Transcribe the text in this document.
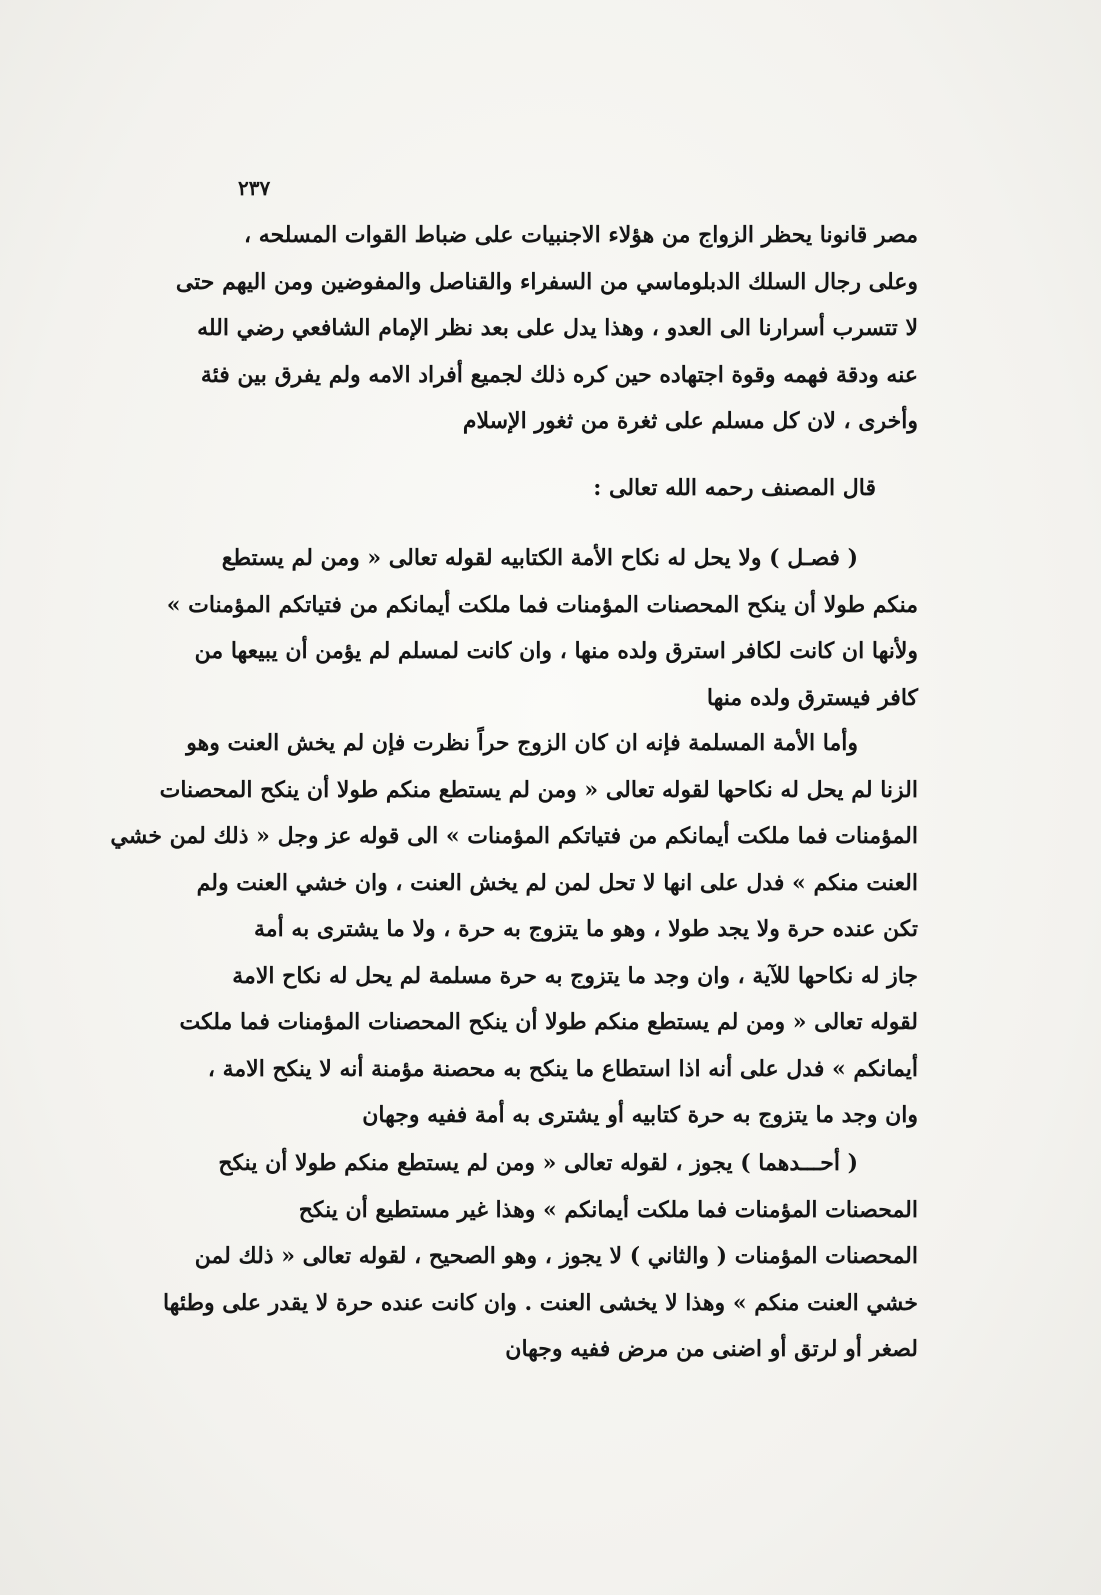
٢٣٧
مصر قانونا يحظر الزواج من هؤلاء الاجنبيات على ضباط القوات المسلحه ،
وعلى رجال السلك الدبلوماسي من السفراء والقناصل والمفوضين ومن اليهم حتى
لا تتسرب أسرارنا الى العدو ، وهذا يدل على بعد نظر الإمام الشافعي رضي الله
عنه ودقة فهمه وقوة اجتهاده حين كره ذلك لجميع أفراد الامه ولم يفرق بين فئة
وأخرى ، لان كل مسلم على ثغرة من ثغور الإسلام
قال المصنف رحمه الله تعالى :
( فصـل ) ولا يحل له نكاح الأمة الكتابيه لقوله تعالى « ومن لم يستطع
منكم طولا أن ينكح المحصنات المؤمنات فما ملكت أيمانكم من فتياتكم المؤمنات »
ولأنها ان كانت لكافر استرق ولده منها ، وان كانت لمسلم لم يؤمن أن يبيعها من
كافر فيسترق ولده منها
وأما الأمة المسلمة فإنه ان كان الزوج حراً نظرت فإن لم يخش العنت وهو
الزنا لم يحل له نكاحها لقوله تعالى « ومن لم يستطع منكم طولا أن ينكح المحصنات
المؤمنات فما ملكت أيمانكم من فتياتكم المؤمنات » الى قوله عز وجل « ذلك لمن خشي
العنت منكم » فدل على انها لا تحل لمن لم يخش العنت ، وان خشي العنت ولم
تكن عنده حرة ولا يجد طولا ، وهو ما يتزوج به حرة ، ولا ما يشترى به أمة
جاز له نكاحها للآية ، وان وجد ما يتزوج به حرة مسلمة لم يحل له نكاح الامة
لقوله تعالى « ومن لم يستطع منكم طولا أن ينكح المحصنات المؤمنات فما ملكت
أيمانكم » فدل على أنه اذا استطاع ما ينكح به محصنة مؤمنة أنه لا ينكح الامة ،
وان وجد ما يتزوج به حرة كتابيه أو يشترى به أمة ففيه وجهان
( أحـــدهما ) يجوز ، لقوله تعالى « ومن لم يستطع منكم طولا أن ينكح
المحصنات المؤمنات فما ملكت أيمانكم » وهذا غير مستطيع أن ينكح
المحصنات المؤمنات ( والثاني ) لا يجوز ، وهو الصحيح ، لقوله تعالى « ذلك لمن
خشي العنت منكم » وهذا لا يخشى العنت . وان كانت عنده حرة لا يقدر على وطئها
لصغر أو لرتق أو اضنى من مرض ففيه وجهان
